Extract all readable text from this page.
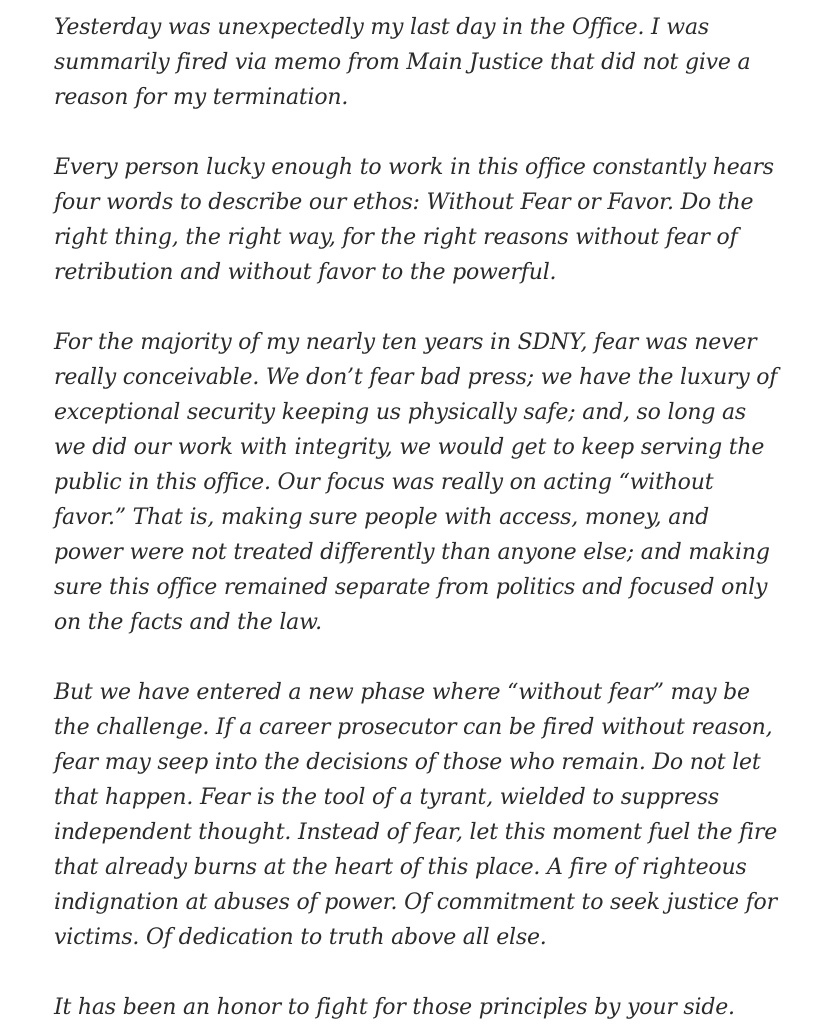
Yesterday was unexpectedly my last day in the Office. I was summarily fired via memo from Main Justice that did not give a reason for my termination.

Every person lucky enough to work in this office constantly hears four words to describe our ethos: Without Fear or Favor. Do the right thing, the right way, for the right reasons without fear of retribution and without favor to the powerful.

For the majority of my nearly ten years in SDNY, fear was never really conceivable. We don’t fear bad press; we have the luxury of exceptional security keeping us physically safe; and, so long as we did our work with integrity, we would get to keep serving the public in this office. Our focus was really on acting “without favor.” That is, making sure people with access, money, and power were not treated differently than anyone else; and making sure this office remained separate from politics and focused only on the facts and the law.

But we have entered a new phase where “without fear” may be the challenge. If a career prosecutor can be fired without reason, fear may seep into the decisions of those who remain. Do not let that happen. Fear is the tool of a tyrant, wielded to suppress independent thought. Instead of fear, let this moment fuel the fire that already burns at the heart of this place. A fire of righteous indignation at abuses of power. Of commitment to seek justice for victims. Of dedication to truth above all else.

It has been an honor to fight for those principles by your side.
